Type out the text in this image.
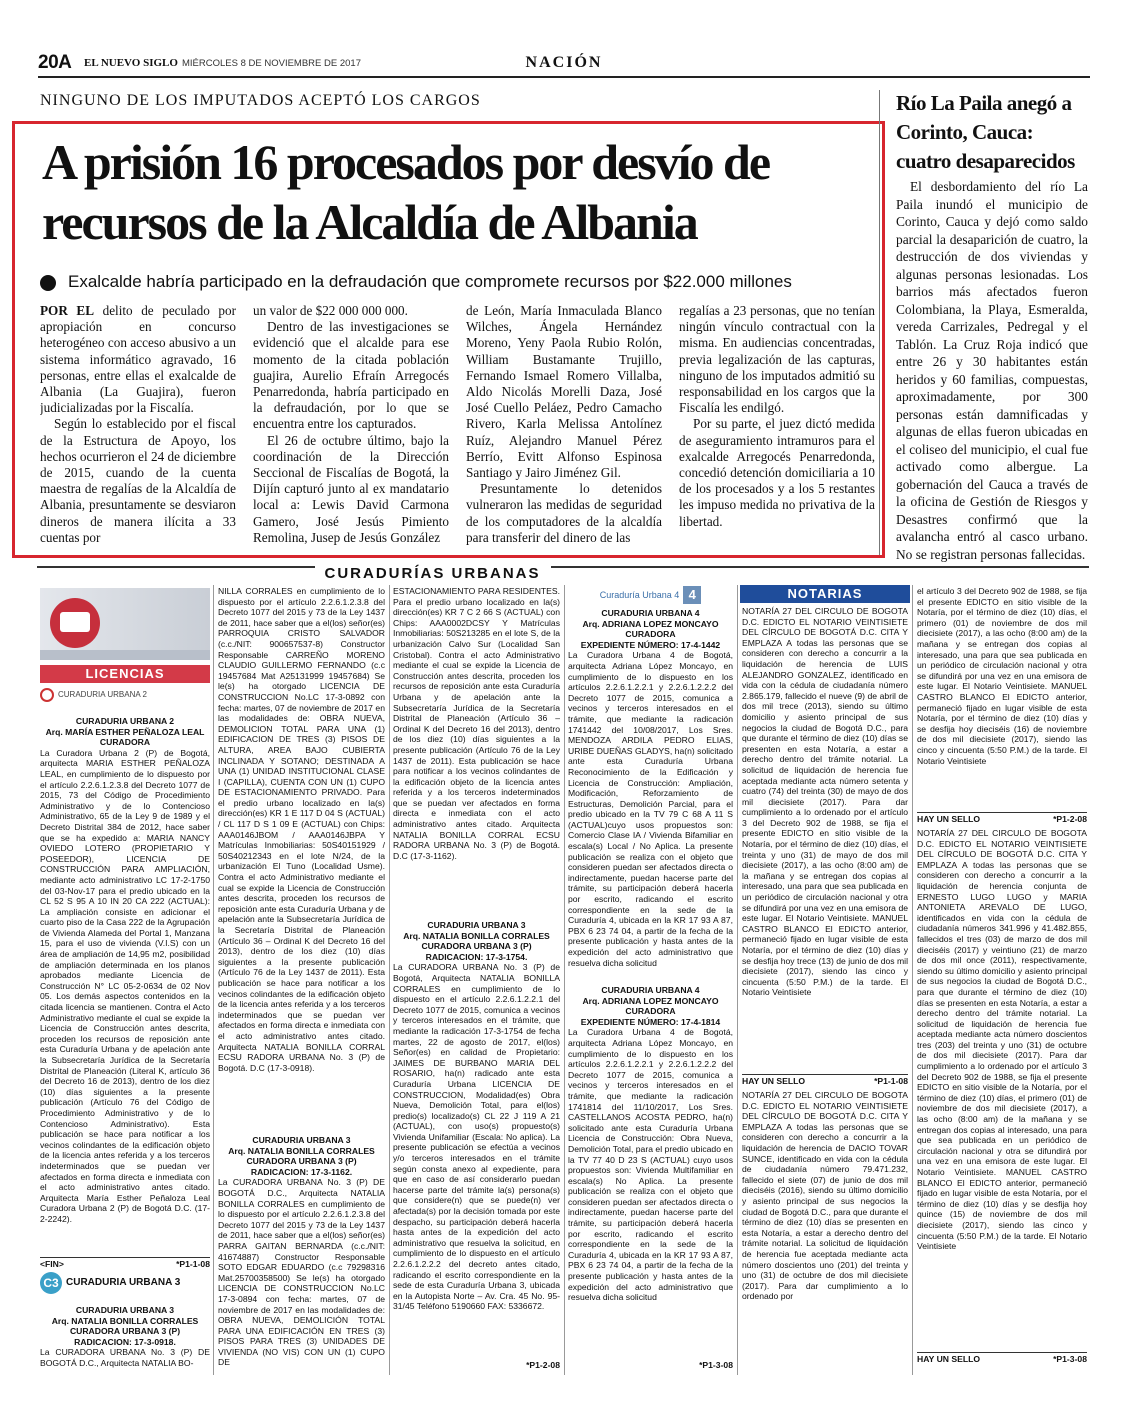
20A EL NUEVO SIGLO MIÉRCOLES 8 DE NOVIEMBRE DE 2017	NACIÓN
NINGUNO DE LOS IMPUTADOS ACEPTÓ LOS CARGOS
A prisión 16 procesados por desvío de recursos de la Alcaldía de Albania
Exalcalde habría participado en la defraudación que compromete recursos por $22.000 millones

POR EL delito de peculado por apropiación en concurso heterogéneo con acceso abusivo a un sistema informático agravado, 16 personas, entre ellas el exalcalde de Albania (La Guajira), fueron judicializadas por la Fiscalía.

Según lo establecido por el fiscal de la Estructura de Apoyo, los hechos ocurrieron el 24 de diciembre de 2015, cuando de la cuenta maestra de regalías de la Alcaldía de Albania, presuntamente se desviaron dineros de manera ilícita a 33 cuentas por

un valor de $22 000 000 000.

Dentro de las investigaciones se evidenció que el alcalde para ese momento de la citada población guajira, Aurelio Efraín Arregocés Penarredonda, habría participado en la defraudación, por lo que se encuentra entre los capturados.

El 26 de octubre último, bajo la coordinación de la Dirección Seccional de Fiscalías de Bogotá, la Dijín capturó junto al ex mandatario local a: Lewis David Carmona Gamero, José Jesús Pimiento Remolina, Jusep de Jesús González

de León, María Inmaculada Blanco Wilches, Ángela Hernández Moreno, Yeny Paola Rubio Rolón, William Bustamante Trujillo, Fernando Ismael Romero Villalba, Aldo Nicolás Morelli Daza, José José Cuello Peláez, Pedro Camacho Rivero, Karla Melissa Antolínez Ruíz, Alejandro Manuel Pérez Berrío, Evitt Alfonso Espinosa Santiago y Jairo Jiménez Gil.

Presuntamente lo detenidos vulneraron las medidas de seguridad de los computadores de la alcaldía para transferir del dinero de las

regalías a 23 personas, que no tenían ningún vínculo contractual con la misma. En audiencias concentradas, previa legalización de las capturas, ninguno de los imputados admitió su responsabilidad en los cargos que la Fiscalía les endilgó.

Por su parte, el juez dictó medida de aseguramiento intramuros para el exalcalde Arregocés Penarredonda, concedió detención domiciliaria a 10 de los procesados y a los 5 restantes les impuso medida no privativa de la libertad.

Río La Paila anegó a Corinto, Cauca: cuatro desaparecidos
El desbordamiento del río La Paila inundó el municipio de Corinto, Cauca y dejó como saldo parcial la desaparición de cuatro, la destrucción de dos viviendas y algunas personas lesionadas. Los barrios más afectados fueron Colombiana, la Playa, Esmeralda, vereda Carrizales, Pedregal y el Tablón. La Cruz Roja indicó que entre 26 y 30 habitantes están heridos y 60 familias, compuestas, aproximadamente, por 300 personas están damnificadas y algunas de ellas fueron ubicadas en el coliseo del municipio, el cual fue activado como albergue. La gobernación del Cauca a través de la oficina de Gestión de Riesgos y Desastres confirmó que la avalancha entró al casco urbano. No se registran personas fallecidas.
CURADURÍAS URBANAS
LICENCIAS
CURADURIA URBANA 2
CURADURIA URBANA 2
Arq. MARÍA ESTHER PEÑALOZA LEAL
CURADORA
La Curadora Urbana 2 (P) de Bogotá, arquitecta MARIA ESTHER PEÑALOZA LEAL, en cumplimiento de lo dispuesto por el artículo 2.2.6.1.2.3.8 del Decreto 1077 de 2015, 73 del Código de Procedimiento Administrativo y de lo Contencioso Administrativo, 65 de la Ley 9 de 1989 y el Decreto Distrital 384 de 2012, hace saber que se ha expedido a: MARIA NANCY OVIEDO LOTERO (PROPIETARIO Y POSEEDOR), LICENCIA DE CONSTRUCCIÓN PARA AMPLIACIÓN, mediante acto administrativo LC 17-2-1750 del 03-Nov-17 para el predio ubicado en la CL 52 S 95 A 10 IN 20 CA 222 (ACTUAL): La ampliación consiste en adicionar el cuarto piso de la Casa 222 de la Agrupación de Vivienda Alameda del Portal 1, Manzana 15, para el uso de vivienda (V.I.S) con un área de ampliación de 14,95 m2, posibilidad de ampliación determinada en los planos aprobados mediante Licencia de Construcción N° LC 05-2-0634 de 02 Nov 05. Los demás aspectos contenidos en la citada licencia se mantienen. Contra el Acto Administrativo mediante el cual se expide la Licencia de Construcción antes descrita, proceden los recursos de reposición ante esta Curaduría Urbana y de apelación ante la Subsecretaría Jurídica de la Secretaría Distrital de Planeación (Literal K, artículo 36 del Decreto 16 de 2013), dentro de los diez (10) días siguientes a la presente publicación (Artículo 76 del Código de Procedimiento Administrativo y de lo Contencioso Administrativo). Esta publicación se hace para notificar a los vecinos colindantes de la edificación objeto de la licencia antes referida y a los terceros indeterminados que se puedan ver afectados en forma directa e inmediata con el acto administrativo antes citado. Arquitecta María Esther Peñaloza Leal Curadora Urbana 2 (P) de Bogotá D.C. (17-2-2242).
<FIN>	*P1-1-08
C3 CURADURIA URBANA 3
CURADURIA URBANA 3
Arq. NATALIA BONILLA CORRALES
CURADORA URBANA 3 (P)
RADICACION: 17-3-0918.
La CURADORA URBANA No. 3 (P) DE BOGOTÁ D.C., Arquitecta NATALIA BO-
NILLA CORRALES en cumplimiento de lo dispuesto por el artículo 2.2.6.1.2.3.8 del Decreto 1077 del 2015 y 73 de la Ley 1437 de 2011, hace saber que a el(los) señor(es) PARROQUIA CRISTO SALVADOR (c.c./NIT: 900657537-8) Constructor Responsable CARREÑO MORENO CLAUDIO GUILLERMO FERNANDO (c.c 19457684 Mat A25131999 19457684) Se le(s) ha otorgado LICENCIA DE CONSTRUCCION No.LC 17-3-0892 con fecha: martes, 07 de noviembre de 2017 en las modalidades de: OBRA NUEVA, DEMOLICION TOTAL PARA UNA (1) EDIFICACION DE TRES (3) PISOS DE ALTURA, AREA BAJO CUBIERTA INCLINADA Y SOTANO; DESTINADA A UNA (1) UNIDAD INSTITUCIONAL CLASE I (CAPILLA), CUENTA CON UN (1) CUPO DE ESTACIONAMIENTO PRIVADO. Para el predio urbano localizado en la(s) dirección(es) KR 1 E 117 D 04 S (ACTUAL) / CL 117 D S 1 09 E (ACTUAL) con Chips: AAA0146JBOM / AAA0146JBPA Y Matrículas Inmobiliarias: 50S40151929 / 50S40212343 en el lote N/24, de la urbanización El Tuno (Localidad Usme). Contra el acto Administrativo mediante el cual se expide la Licencia de Construcción antes descrita, proceden los recursos de reposición ante esta Curaduría Urbana y de apelación ante la Subsecretaría Jurídica de la Secretaría Distrital de Planeación (Artículo 36 – Ordinal K del Decreto 16 del 2013), dentro de los diez (10) días siguientes a la presente publicación (Artículo 76 de la Ley 1437 de 2011). Esta publicación se hace para notificar a los vecinos colindantes de la edificación objeto de la licencia antes referida y a los terceros indeterminados que se puedan ver afectados en forma directa e inmediata con el acto administrativo antes citado. Arquitecta NATALIA BONILLA CORRAL ECSU RADORA URBANA No. 3 (P) de Bogotá. D.C (17-3-0918).
CURADURIA URBANA 3
Arq. NATALIA BONILLA CORRALES
CURADORA URBANA 3 (P)
RADICACION: 17-3-1162.
La CURADORA URBANA No. 3 (P) DE BOGOTÁ D.C., Arquitecta NATALIA BONILLA CORRALES en cumplimiento de lo dispuesto por el artículo 2.2.6.1.2.3.8 del Decreto 1077 del 2015 y 73 de la Ley 1437 de 2011, hace saber que a el(los) señor(es) PARRA GAITAN BERNARDA (c.c./NIT: 41674887) Constructor Responsable SOTO EDGAR EDUARDO (c.c 79298316 Mat.25700358500) Se le(s) ha otorgado LICENCIA DE CONSTRUCCION No.LC 17-3-0894 con fecha: martes, 07 de noviembre de 2017 en las modalidades de: OBRA NUEVA, DEMOLICIÓN TOTAL PARA UNA EDIFICACIÓN EN TRES (3) PISOS PARA TRES (3) UNIDADES DE VIVIENDA (NO VIS) CON UN (1) CUPO DE
ESTACIONAMIENTO PARA RESIDENTES. Para el predio urbano localizado en la(s) dirección(es) KR 7 C 2 66 S (ACTUAL) con Chips: AAA0002DCSY Y Matrículas Inmobiliarias: 50S213285 en el lote S, de la urbanización Calvo Sur (Localidad San Cristobal). Contra el acto Administrativo mediante el cual se expide la Licencia de Construcción antes descrita, proceden los recursos de reposición ante esta Curaduría Urbana y de apelación ante la Subsecretaría Jurídica de la Secretaría Distrital de Planeación (Artículo 36 – Ordinal K del Decreto 16 del 2013), dentro de los diez (10) días siguientes a la presente publicación (Artículo 76 de la Ley 1437 de 2011). Esta publicación se hace para notificar a los vecinos colindantes de la edificación objeto de la licencia antes referida y a los terceros indeterminados que se puedan ver afectados en forma directa e inmediata con el acto administrativo antes citado. Arquitecta NATALIA BONILLA CORRAL ECSU RADORA URBANA No. 3 (P) de Bogotá. D.C (17-3-1162).
CURADURIA URBANA 3
Arq. NATALIA BONILLA CORRALES
CURADORA URBANA 3 (P)
RADICACION: 17-3-1754.
La CURADORA URBANA No. 3 (P) de Bogotá, Arquitecta NATALIA BONILLA CORRALES en cumplimiento de lo dispuesto en el artículo 2.2.6.1.2.2.1 del Decreto 1077 de 2015, comunica a vecinos y terceros interesados en el trámite, que mediante la radicación 17-3-1754 de fecha martes, 22 de agosto de 2017, el(los) Señor(es) en calidad de Propietario: JAIMES DE BURBANO MARIA DEL ROSARIO, ha(n) radicado ante esta Curaduría Urbana LICENCIA DE CONSTRUCCION, Modalidad(es) Obra Nueva, Demolición Total, para el(los) predio(s) localizado(s) CL 22 J 119 A 21 (ACTUAL), con uso(s) propuesto(s) Vivienda Unifamiliar (Escala: No aplica). La presente publicación se efectúa a vecinos y/o terceros interesados en el trámite según consta anexo al expediente, para que en caso de así considerarlo puedan hacerse parte del trámite la(s) persona(s) que considere(n) que se puede(n) ver afectada(s) por la decisión tomada por este despacho, su participación deberá hacerla hasta antes de la expedición del acto administrativo que resuelva la solicitud, en cumplimiento de lo dispuesto en el artículo 2.2.6.1.2.2.2 del decreto antes citado, radicando el escrito correspondiente en la sede de esta Curaduría Urbana 3, ubicada en la Autopista Norte – Av. Cra. 45 No. 95-31/45 Teléfono 5190660 FAX: 5336672.
*P1-2-08
Curaduría Urbana 4 4
CURADURIA URBANA 4
Arq. ADRIANA LOPEZ MONCAYO
CURADORA
EXPEDIENTE NÚMERO: 17-4-1442
La Curadora Urbana 4 de Bogotá, arquitecta Adriana López Moncayo, en cumplimiento de lo dispuesto en los artículos 2.2.6.1.2.2.1 y 2.2.6.1.2.2.2 del Decreto 1077 de 2015, comunica a vecinos y terceros interesados en el trámite, que mediante la radicación 1741442 del 10/08/2017, Los Sres. MENDOZA ARDILA PEDRO ELIAS, URIBE DUEÑAS GLADYS, ha(n) solicitado ante esta Curaduría Urbana Reconocimiento de la Edificación y Licencia de Construcción: Ampliación, Modificación, Reforzamiento de Estructuras, Demolición Parcial, para el predio ubicado en la TV 79 C 68 A 11 S (ACTUAL)cuyo usos propuestos son: Comercio Clase IA / Vivienda Bifamiliar en escala(s) Local / No Aplica. La presente publicación se realiza con el objeto que consideren puedan ser afectados directa o indirectamente, puedan hacerse parte del trámite, su participación deberá hacerla por escrito, radicando el escrito correspondiente en la sede de la Curaduría 4, ubicada en la KR 17 93 A 87, PBX 6 23 74 04, a partir de la fecha de la presente publicación y hasta antes de la expedición del acto administrativo que resuelva dicha solicitud
CURADURIA URBANA 4
Arq. ADRIANA LOPEZ MONCAYO
CURADORA
EXPEDIENTE NÚMERO: 17-4-1814
La Curadora Urbana 4 de Bogotá, arquitecta Adriana López Moncayo, en cumplimiento de lo dispuesto en los artículos 2.2.6.1.2.2.1 y 2.2.6.1.2.2.2 del Decreto 1077 de 2015, comunica a vecinos y terceros interesados en el trámite, que mediante la radicación 1741814 del 11/10/2017, Los Sres. CASTELLANOS ACOSTA PEDRO, ha(n) solicitado ante esta Curaduría Urbana Licencia de Construcción: Obra Nueva, Demolición Total, para el predio ubicado en la TV 77 40 D 23 S (ACTUAL) cuyo usos propuestos son: Vivienda Multifamiliar en escala(s) No Aplica. La presente publicación se realiza con el objeto que consideren puedan ser afectados directa o indirectamente, puedan hacerse parte del trámite, su participación deberá hacerla por escrito, radicando el escrito correspondiente en la sede de la Curaduría 4, ubicada en la KR 17 93 A 87, PBX 6 23 74 04, a partir de la fecha de la presente publicación y hasta antes de la expedición del acto administrativo que resuelva dicha solicitud
*P1-3-08
NOTARIAS
NOTARÍA 27 DEL CIRCULO DE BOGOTA D.C. EDICTO EL NOTARIO VEINTISIETE DEL CÍRCULO DE BOGOTÁ D.C. CITA Y EMPLAZA A todas las personas que se consideren con derecho a concurrir a la liquidación de herencia de LUIS ALEJANDRO GONZALEZ, identificado en vida con la cédula de ciudadanía número 2.865.179, fallecido el nueve (9) de abril de dos mil trece (2013), siendo su último domicilio y asiento principal de sus negocios la ciudad de Bogotá D.C., para que durante el término de diez (10) días se presenten en esta Notaría, a estar a derecho dentro del trámite notarial. La solicitud de liquidación de herencia fue aceptada mediante acta número setenta y cuatro (74) del treinta (30) de mayo de dos mil diecisiete (2017). Para dar cumplimiento a lo ordenado por el artículo 3 del Decreto 902 de 1988, se fija el presente EDICTO en sitio visible de la Notaría, por el término de diez (10) días, el treinta y uno (31) de mayo de dos mil diecisiete (2017), a las ocho (8:00 am) de la mañana y se entregan dos copias al interesado, una para que sea publicada en un periódico de circulación nacional y otra se difundirá por una vez en una emisora de este lugar. El Notario Veintisiete. MANUEL CASTRO BLANCO El EDICTO anterior, permaneció fijado en lugar visible de esta Notaría, por el término de diez (10) días y se desfija hoy trece (13) de junio de dos mil diecisiete (2017), siendo las cinco y cincuenta (5:50 P.M.) de la tarde. El Notario Veintisiete
HAY UN SELLO	*P1-1-08
NOTARÍA 27 DEL CIRCULO DE BOGOTA D.C. EDICTO EL NOTARIO VEINTISIETE DEL CÍRCULO DE BOGOTÁ D.C. CITA Y EMPLAZA A todas las personas que se consideren con derecho a concurrir a la liquidación de herencia de DACIO TOVAR SUNCE, identificado en vida con la cédula de ciudadanía número 79.471.232, fallecido el siete (07) de junio de dos mil dieciséis (2016), siendo su último domicilio y asiento principal de sus negocios la ciudad de Bogotá D.C., para que durante el término de diez (10) días se presenten en esta Notaría, a estar a derecho dentro del trámite notarial. La solicitud de liquidación de herencia fue aceptada mediante acta número doscientos uno (201) del treinta y uno (31) de octubre de dos mil diecisiete (2017). Para dar cumplimiento a lo ordenado por
el artículo 3 del Decreto 902 de 1988, se fija el presente EDICTO en sitio visible de la Notaría, por el término de diez (10) días, el primero (01) de noviembre de dos mil diecisiete (2017), a las ocho (8:00 am) de la mañana y se entregan dos copias al interesado, una para que sea publicada en un periódico de circulación nacional y otra se difundirá por una vez en una emisora de este lugar. El Notario Veintisiete. MANUEL CASTRO BLANCO El EDICTO anterior, permaneció fijado en lugar visible de esta Notaría, por el término de diez (10) días y se desfija hoy dieciséis (16) de noviembre de dos mil diecisiete (2017), siendo las cinco y cincuenta (5:50 P.M.) de la tarde. El Notario Veintisiete
HAY UN SELLO	*P1-2-08
NOTARÍA 27 DEL CIRCULO DE BOGOTA D.C. EDICTO EL NOTARIO VEINTISIETE DEL CÍRCULO DE BOGOTÁ D.C. CITA Y EMPLAZA A todas las personas que se consideren con derecho a concurrir a la liquidación de herencia conjunta de ERNESTO LUGO LUGO y MARIA ANTONIETA AREVALO DE LUGO, identificados en vida con la cédula de ciudadanía números 341.996 y 41.482.855, fallecidos el tres (03) de marzo de dos mil dieciséis (2017) y veintiuno (21) de marzo de dos mil once (2011), respectivamente, siendo su último domicilio y asiento principal de sus negocios la ciudad de Bogotá D.C., para que durante el término de diez (10) días se presenten en esta Notaría, a estar a derecho dentro del trámite notarial. La solicitud de liquidación de herencia fue aceptada mediante acta número doscientos tres (203) del treinta y uno (31) de octubre de dos mil diecisiete (2017). Para dar cumplimiento a lo ordenado por el artículo 3 del Decreto 902 de 1988, se fija el presente EDICTO en sitio visible de la Notaría, por el término de diez (10) días, el primero (01) de noviembre de dos mil diecisiete (2017), a las ocho (8:00 am) de la mañana y se entregan dos copias al interesado, una para que sea publicada en un periódico de circulación nacional y otra se difundirá por una vez en una emisora de este lugar. El Notario Veintisiete. MANUEL CASTRO BLANCO El EDICTO anterior, permaneció fijado en lugar visible de esta Notaría, por el término de diez (10) días y se desfija hoy quince (15) de noviembre de dos mil diecisiete (2017), siendo las cinco y cincuenta (5:50 P.M.) de la tarde. El Notario Veintisiete
HAY UN SELLO	*P1-3-08
